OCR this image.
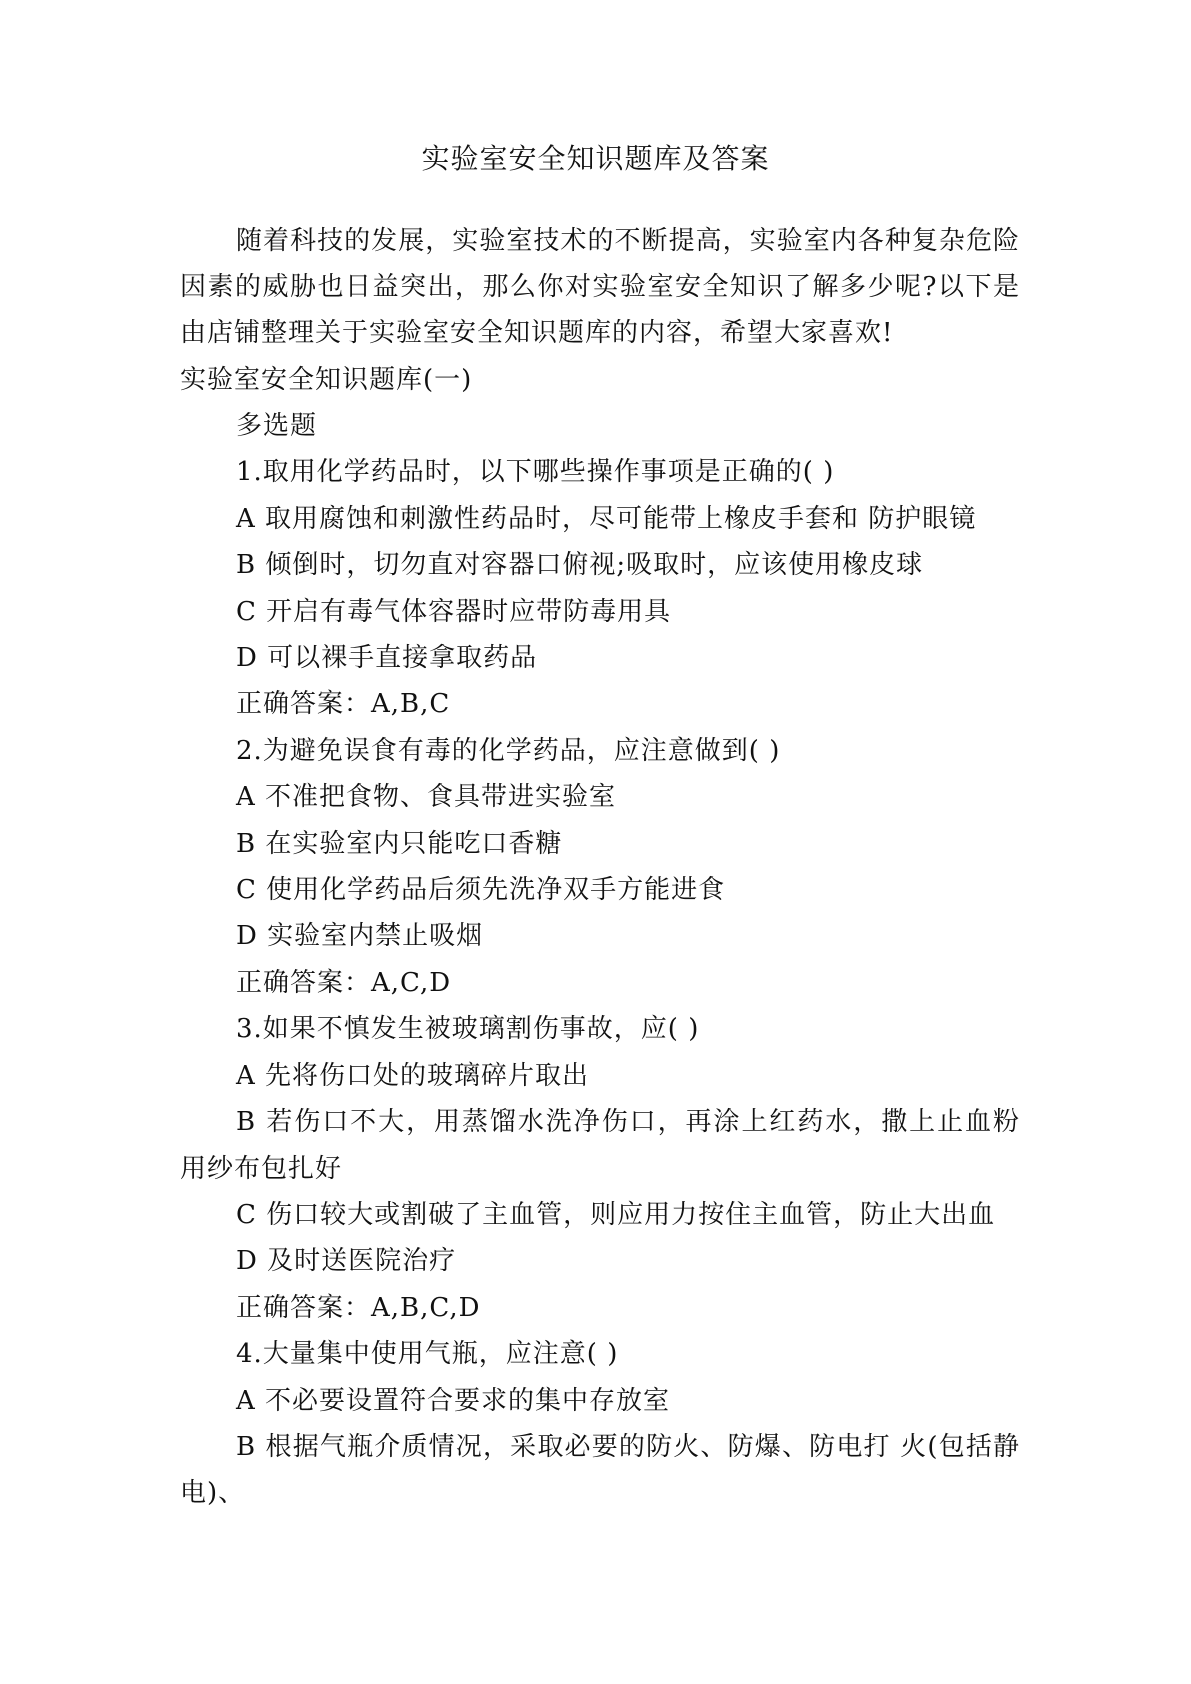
实验室安全知识题库及答案
随着科技的发展，实验室技术的不断提高，实验室内各种复杂危险因素的威胁也日益突出，那么你对实验室安全知识了解多少呢?以下是由店铺整理关于实验室安全知识题库的内容，希望大家喜欢!
实验室安全知识题库(一)
多选题
1.取用化学药品时，以下哪些操作事项是正确的( )
A 取用腐蚀和刺激性药品时，尽可能带上橡皮手套和 防护眼镜
B 倾倒时，切勿直对容器口俯视;吸取时，应该使用橡皮球
C 开启有毒气体容器时应带防毒用具
D 可以裸手直接拿取药品
正确答案：A,B,C
2.为避免误食有毒的化学药品，应注意做到( )
A 不准把食物、食具带进实验室
B 在实验室内只能吃口香糖
C 使用化学药品后须先洗净双手方能进食
D 实验室内禁止吸烟
正确答案：A,C,D
3.如果不慎发生被玻璃割伤事故，应( )
A 先将伤口处的玻璃碎片取出
B 若伤口不大，用蒸馏水洗净伤口，再涂上红药水，撒上止血粉用纱布包扎好
C 伤口较大或割破了主血管，则应用力按住主血管，防止大出血
D 及时送医院治疗
正确答案：A,B,C,D
4.大量集中使用气瓶，应注意( )
A 不必要设置符合要求的集中存放室
B 根据气瓶介质情况，采取必要的防火、防爆、防电打 火(包括静电)、
